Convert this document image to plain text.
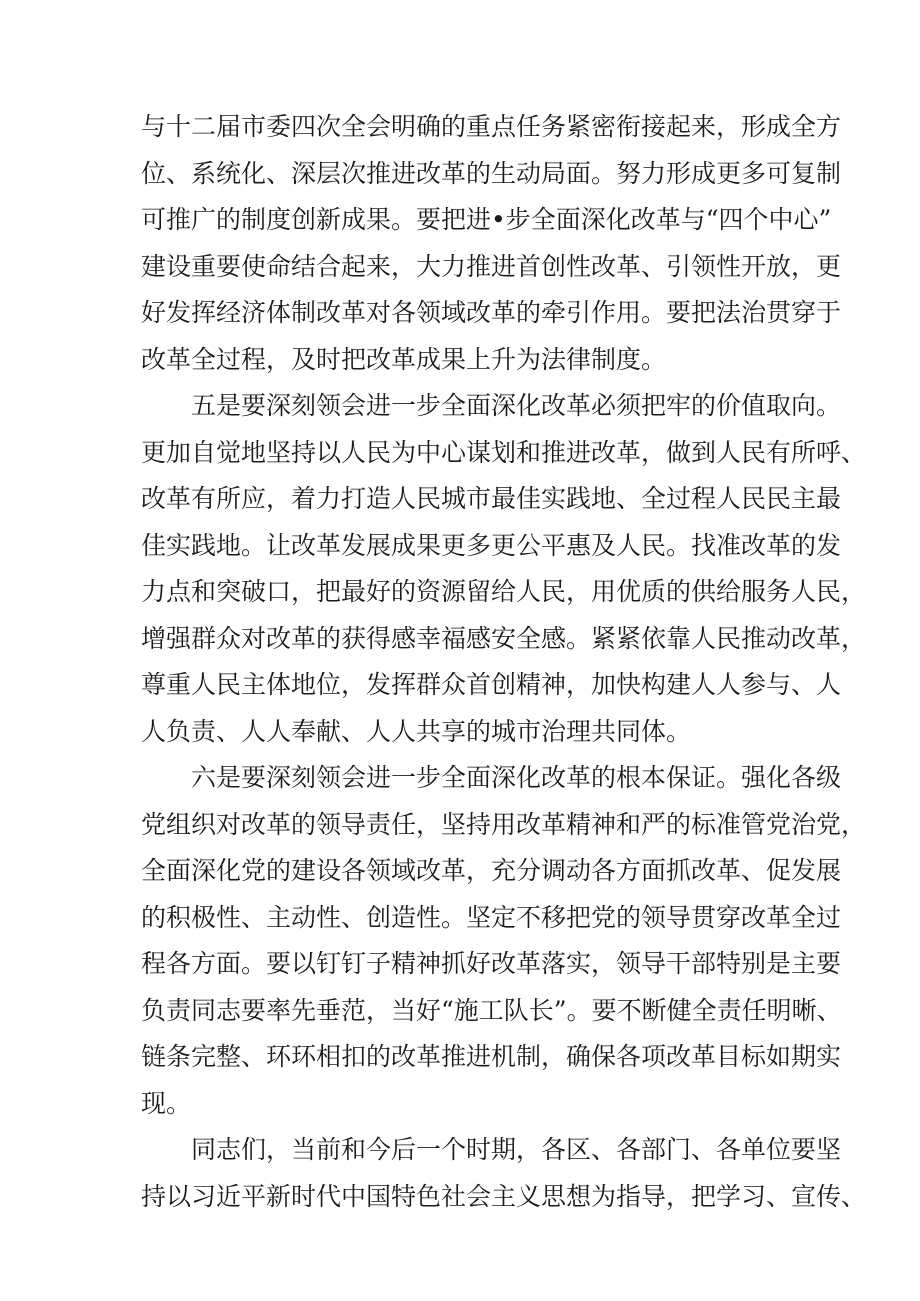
与十二届市委四次全会明确的重点任务紧密衔接起来，形成全方
位、系统化、深层次推进改革的生动局面。努力形成更多可复制
可推广的制度创新成果。要把进•步全面深化改革与“四个中心”
建设重要使命结合起来，大力推进首创性改革、引领性开放，更
好发挥经济体制改革对各领域改革的牵引作用。要把法治贯穿于
改革全过程，及时把改革成果上升为法律制度。
五是要深刻领会进一步全面深化改革必须把牢的价值取向。
更加自觉地坚持以人民为中心谋划和推进改革，做到人民有所呼、
改革有所应，着力打造人民城市最佳实践地、全过程人民民主最
佳实践地。让改革发展成果更多更公平惠及人民。找准改革的发
力点和突破口，把最好的资源留给人民，用优质的供给服务人民，
增强群众对改革的获得感幸福感安全感。紧紧依靠人民推动改革，
尊重人民主体地位，发挥群众首创精神，加快构建人人参与、人
人负责、人人奉献、人人共享的城市治理共同体。
六是要深刻领会进一步全面深化改革的根本保证。强化各级
党组织对改革的领导责任，坚持用改革精神和严的标准管党治党，
全面深化党的建设各领域改革，充分调动各方面抓改革、促发展
的积极性、主动性、创造性。坚定不移把党的领导贯穿改革全过
程各方面。要以钉钉子精神抓好改革落实，领导干部特别是主要
负责同志要率先垂范，当好“施工队长”。要不断健全责任明晰、
链条完整、环环相扣的改革推进机制，确保各项改革目标如期实
现。
同志们，当前和今后一个时期，各区、各部门、各单位要坚
持以习近平新时代中国特色社会主义思想为指导，把学习、宣传、
